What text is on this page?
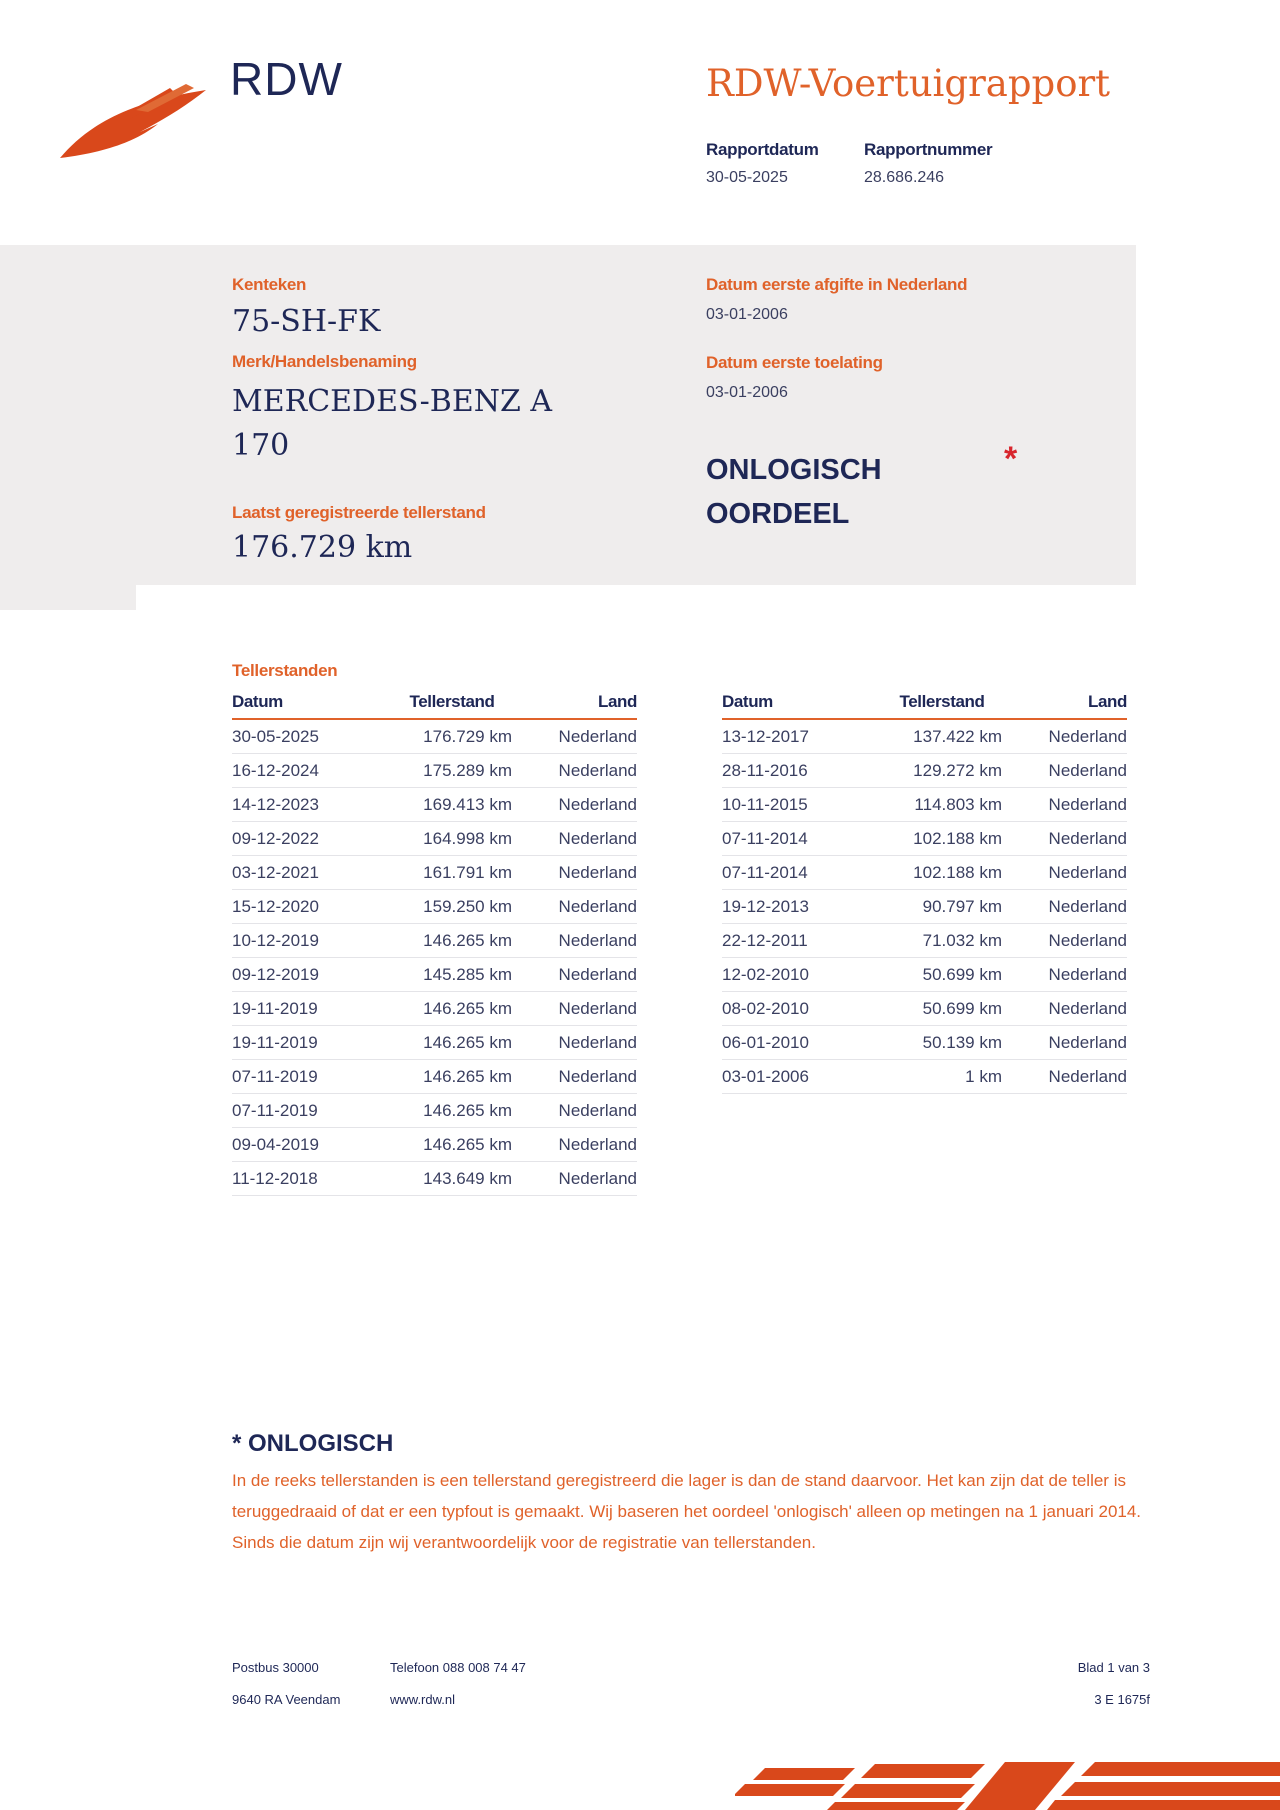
RDW	RDW-Voertuigrapport
Rapportdatum
30-05-2025
Rapportnummer
28.686.246
Kenteken
75-SH-FK
Merk/Handelsbenaming
MERCEDES-BENZ A
170
Laatst geregistreerde tellerstand
176.729 km
Datum eerste afgifte in Nederland
03-01-2006
Datum eerste toelating
03-01-2006
ONLOGISCH
OORDEEL
*
Tellerstanden
Datum	Tellerstand	Land
30-05-2025	176.729 km	Nederland
16-12-2024	175.289 km	Nederland
14-12-2023	169.413 km	Nederland
09-12-2022	164.998 km	Nederland
03-12-2021	161.791 km	Nederland
15-12-2020	159.250 km	Nederland
10-12-2019	146.265 km	Nederland
09-12-2019	145.285 km	Nederland
19-11-2019	146.265 km	Nederland
19-11-2019	146.265 km	Nederland
07-11-2019	146.265 km	Nederland
07-11-2019	146.265 km	Nederland
09-04-2019	146.265 km	Nederland
11-12-2018	143.649 km	Nederland
Datum	Tellerstand	Land
13-12-2017	137.422 km	Nederland
28-11-2016	129.272 km	Nederland
10-11-2015	114.803 km	Nederland
07-11-2014	102.188 km	Nederland
07-11-2014	102.188 km	Nederland
19-12-2013	90.797 km	Nederland
22-12-2011	71.032 km	Nederland
12-02-2010	50.699 km	Nederland
08-02-2010	50.699 km	Nederland
06-01-2010	50.139 km	Nederland
03-01-2006	1 km	Nederland
* ONLOGISCH
In de reeks tellerstanden is een tellerstand geregistreerd die lager is dan de stand daarvoor. Het kan zijn dat de teller is teruggedraaid of dat er een typfout is gemaakt. Wij baseren het oordeel 'onlogisch' alleen op metingen na 1 januari 2014. Sinds die datum zijn wij verantwoordelijk voor de registratie van tellerstanden.
Postbus 30000
9640 RA Veendam
Telefoon 088 008 74 47
www.rdw.nl
Blad 1 van 3
3 E 1675f
